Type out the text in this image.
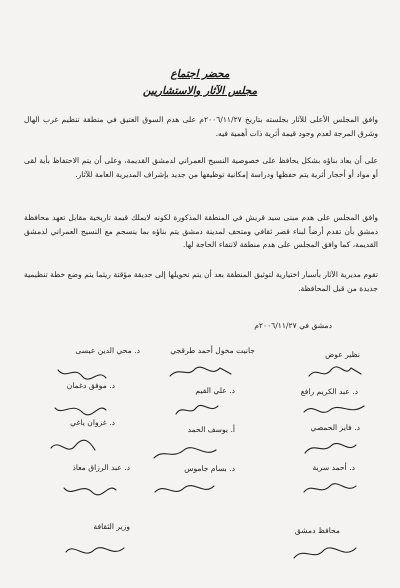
محضر اجتماع
مجلس الآثار والاستشاريين
وافق المجلس الأعلى للآثار بجلسته بتاريخ ٢٠٠٦/١١/٢٧م على هدم السوق العتيق في منطقة تنظيم غرب الهال وشرق المرجة لعدم وجود قيمة أثرية ذات أهمية فيه.
على أن يعاد بناؤه بشكل يحافظ على خصوصية النسيج العمراني لدمشق القديمة، وعلى أن يتم الاحتفاظ بأية لقى أو مواد أو أحجار أثرية يتم حفظها ودراسة إمكانية توظيفها من جديد بإشراف المديرية العامة للآثار.
وافق المجلس على هدم مبنى سيد قريش في المنطقة المذكورة لكونه لايملك قيمة تاريخية مقابل تعهد محافظة دمشق بأن تقدم أرضاً لبناء قصر ثقافي ومتحف لمدينة دمشق يتم بناؤه بما ينسجم مع النسيج العمراني لدمشق القديمة، كما وافق المجلس على هدم منطقة لانتفاء الحاجة لها.
تقوم مديرية الآثار بأسبار اختيارية لتوثيق المنطقة بعد أن يتم تحويلها إلى حديقة مؤقتة ريثما يتم وضع خطة تنظيمية جديدة من قبل المحافظة.
دمشق في ٢٠٠٦/١١/٢٧م
نظير عوض
جانيت مخول أحمد طرقجي
د. محي الدين عيسى
د. عبد الكريم رافع
د. علي القيم
د. موفق دغمان
د. فايز الحمصي
أ. يوسف الحمد
د. غزوان ياغي
د. أحمد سرية
د. بسام جاموس
د. عبد الرزاق معاذ
محافظ دمشق
وزير الثقافة
